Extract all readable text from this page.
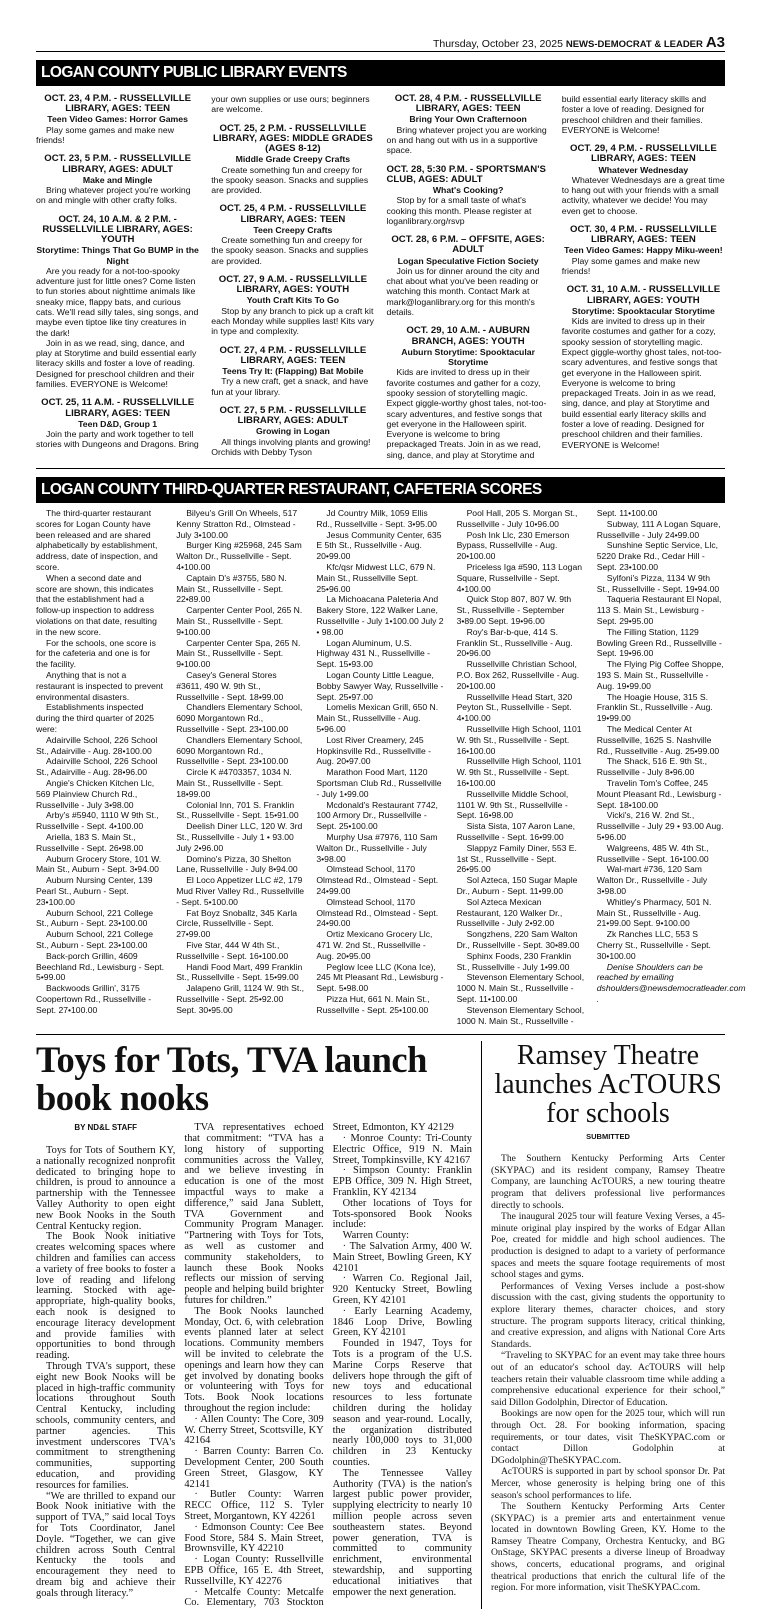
Thursday, October 23, 2025 NEWS-DEMOCRAT & LEADER A3
LOGAN COUNTY PUBLIC LIBRARY EVENTS
OCT. 23, 4 P.M. - RUSSELLVILLE LIBRARY, AGES: TEEN
Teen Video Games: Horror Games

Play some games and make new friends!

OCT. 23, 5 P.M. - RUSSELLVILLE LIBRARY, AGES: ADULT
Make and Mingle

Bring whatever project you're working on and mingle with other crafty folks.

OCT. 24, 10 A.M. & 2 P.M. - RUSSELLVILLE LIBRARY, AGES: YOUTH
Storytime: Things That Go BUMP in the Night

Are you ready for a not-too-spooky adventure just for little ones? Come listen to fun stories about nighttime animals like sneaky mice, flappy bats, and curious cats. We'll read silly tales, sing songs, and maybe even tiptoe like tiny creatures in the dark!

Join in as we read, sing, dance, and play at Storytime and build essential early literacy skills and foster a love of reading. Designed for preschool children and their families. EVERYONE is Welcome!

OCT. 25, 11 A.M. - RUSSELLVILLE LIBRARY, AGES: TEEN
Teen D&D, Group 1

Join the party and work together to tell stories with Dungeons and Dragons. Bring your own supplies or use ours; beginners are welcome.

OCT. 25, 2 P.M. - RUSSELLVILLE LIBRARY, AGES: MIDDLE GRADES (AGES 8-12)
Middle Grade Creepy Crafts

Create something fun and creepy for the spooky season. Snacks and supplies are provided.

OCT. 25, 4 P.M. - RUSSELLVILLE LIBRARY, AGES: TEEN
Teen Creepy Crafts

Create something fun and creepy for the spooky season. Snacks and supplies are provided.

OCT. 27, 9 A.M. - RUSSELLVILLE LIBRARY, AGES: YOUTH
Youth Craft Kits To Go

Stop by any branch to pick up a craft kit each Monday while supplies last! Kits vary in type and complexity.

OCT. 27, 4 P.M. - RUSSELLVILLE LIBRARY, AGES: TEEN
Teens Try It: (Flapping) Bat Mobile

Try a new craft, get a snack, and have fun at your library.

OCT. 27, 5 P.M. - RUSSELLVILLE LIBRARY, AGES: ADULT
Growing in Logan

All things involving plants and growing! Orchids with Debby Tyson

OCT. 28, 4 P.M. - RUSSELLVILLE LIBRARY, AGES: TEEN
Bring Your Own Crafternoon

Bring whatever project you are working on and hang out with us in a supportive space.

OCT. 28, 5:30 P.M. - SPORTSMAN'S CLUB, AGES: ADULT
What's Cooking?

Stop by for a small taste of what's cooking this month. Please register at loganlibrary.org/rsvp

OCT. 28, 6 P.M. – OFFSITE, AGES: ADULT
Logan Speculative Fiction Society

Join us for dinner around the city and chat about what you've been reading or watching this month. Contact Mark at mark@loganlibrary.org for this month's details.

OCT. 29, 10 A.M. - AUBURN BRANCH, AGES: YOUTH
Auburn Storytime: Spooktacular Storytime

Kids are invited to dress up in their favorite costumes and gather for a cozy, spooky session of storytelling magic. Expect giggle-worthy ghost tales, not-too-scary adventures, and festive songs that get everyone in the Halloween spirit. Everyone is welcome to bring prepackaged Treats. Join in as we read, sing, dance, and play at Storytime and build essential early literacy skills and foster a love of reading. Designed for preschool children and their families. EVERYONE is Welcome!

OCT. 29, 4 P.M. - RUSSELLVILLE LIBRARY, AGES: TEEN
Whatever Wednesday

Whatever Wednesdays are a great time to hang out with your friends with a small activity, whatever we decide! You may even get to choose.

OCT. 30, 4 P.M. - RUSSELLVILLE LIBRARY, AGES: TEEN
Teen Video Games: Happy Miku-ween!

Play some games and make new friends!

OCT. 31, 10 A.M. - RUSSELLVILLE LIBRARY, AGES: YOUTH
Storytime: Spooktacular Storytime

Kids are invited to dress up in their favorite costumes and gather for a cozy, spooky session of storytelling magic. Expect giggle-worthy ghost tales, not-too-scary adventures, and festive songs that get everyone in the Halloween spirit. Everyone is welcome to bring prepackaged Treats. Join in as we read, sing, dance, and play at Storytime and build essential early literacy skills and foster a love of reading. Designed for preschool children and their families. EVERYONE is Welcome!

LOGAN COUNTY THIRD-QUARTER RESTAURANT, CAFETERIA SCORES

The third-quarter restaurant scores for Logan County have been released and are shared alphabetically by establishment, address, date of inspection, and score.

When a second date and score are shown, this indicates that the establishment had a follow-up inspection to address violations on that date, resulting in the new score.

For the schools, one score is for the cafeteria and one is for the facility.

Anything that is not a restaurant is inspected to prevent environmental disasters.

Establishments inspected during the third quarter of 2025 were:

Adairville School, 226 School St., Adairville - Aug. 28•100.00

Adairville School, 226 School St., Adairville - Aug. 28•96.00

Angie's Chicken Kitchen Llc, 569 Plainview Church Rd., Russellville - July 3•98.00

Arby's #5940, 1110 W 9th St., Russellville - Sept. 4•100.00

Ariella, 183 S. Main St., Russellville - Sept. 26•98.00

Auburn Grocery Store, 101 W. Main St., Auburn - Sept. 3•94.00

Auburn Nursing Center, 139 Pearl St., Auburn - Sept. 23•100.00

Auburn School, 221 College St., Auburn - Sept. 23•100.00

Auburn School, 221 College St., Auburn - Sept. 23•100.00

Back-porch Grillin, 4609 Beechland Rd., Lewisburg - Sept. 5•99.00

Backwoods Grillin', 3175 Coopertown Rd., Russellville - Sept. 27•100.00

Bilyeu's Grill On Wheels, 517 Kenny Stratton Rd., Olmstead - July 3•100.00

Burger King #25968, 245 Sam Walton Dr., Russellville - Sept. 4•100.00

Captain D's #3755, 580 N. Main St., Russellville - Sept. 22•89.00

Carpenter Center Pool, 265 N. Main St., Russellville - Sept. 9•100.00

Carpenter Center Spa, 265 N. Main St., Russellville - Sept. 9•100.00

Casey's General Stores #3611, 490 W. 9th St., Russellville - Sept. 18•99.00

Chandlers Elementary School, 6090 Morgantown Rd., Russellville - Sept. 23•100.00

Chandlers Elementary School, 6090 Morgantown Rd., Russellville - Sept. 23•100.00

Circle K #4703357, 1034 N. Main St., Russellville - Sept. 18•99.00

Colonial Inn, 701 S. Franklin St., Russellville - Sept. 15•91.00

Deelish Diner LLC, 120 W. 3rd St., Russellville - July 1 • 93.00 July 2•96.00

Domino's Pizza, 30 Shelton Lane, Russellville - July 8•94.00

El Loco Appetizer LLC #2, 179 Mud River Valley Rd., Russellville - Sept. 5•100.00

Fat Boyz Snoballz, 345 Karla Circle, Russellville - Sept. 27•99.00

Five Star, 444 W 4th St., Russellville - Sept. 16•100.00

Handi Food Mart, 499 Franklin St., Russellville - Sept. 15•99.00

Jalapeno Grill, 1124 W. 9th St., Russellville - Sept. 25•92.00 Sept. 30•95.00

Jd Country Milk, 1059 Ellis Rd., Russellville - Sept. 3•95.00

Jesus Community Center, 635 E 5th St., Russellville - Aug. 20•99.00

Kfc/qsr Midwest LLC, 679 N. Main St., Russellville Sept. 25•96.00

La Michoacana Paleteria And Bakery Store, 122 Walker Lane, Russellville - July 1•100.00 July 2 • 98.00

Logan Aluminum, U.S. Highway 431 N., Russellville - Sept. 15•93.00

Logan County Little League, Bobby Sawyer Way, Russellville - Sept. 25•97.00

Lomelis Mexican Grill, 650 N. Main St., Russellville - Aug. 5•96.00

Lost River Creamery, 245 Hopkinsville Rd., Russellville - Aug. 20•97.00

Marathon Food Mart, 1120 Sportsman Club Rd., Russellville - July 1•99.00

Mcdonald's Restaurant 7742, 100 Armory Dr., Russellville - Sept. 25•100.00

Murphy Usa #7976, 110 Sam Walton Dr., Russellville - July 3•98.00

Olmstead School, 1170 Olmstead Rd., Olmstead - Sept. 24•99.00

Olmstead School, 1170 Olmstead Rd., Olmstead - Sept. 24•90.00

Ortiz Mexicano Grocery Llc, 471 W. 2nd St., Russellville - Aug. 20•95.00

Peglow Icee LLC (Kona Ice), 245 Mt Pleasant Rd., Lewisburg - Sept. 5•98.00

Pizza Hut, 661 N. Main St., Russellville - Sept. 25•100.00

Pool Hall, 205 S. Morgan St., Russellville - July 10•96.00

Posh Ink Llc, 230 Emerson Bypass, Russellville - Aug. 20•100.00

Priceless Iga #590, 113 Logan Square, Russellville - Sept. 4•100.00

Quick Stop 807, 807 W. 9th St., Russellville - September 3•89.00 Sept. 19•96.00

Roy's Bar-b-que, 414 S. Franklin St., Russellville - Aug. 20•96.00

Russellville Christian School, P.O. Box 262, Russellville - Aug. 20•100.00

Russellville Head Start, 320 Peyton St., Russellville - Sept. 4•100.00

Russellville High School, 1101 W. 9th St., Russellville - Sept. 16•100.00

Russellville High School, 1101 W. 9th St., Russellville - Sept. 16•100.00

Russellville Middle School, 1101 W. 9th St., Russellville - Sept. 16•98.00

Sista Sista, 107 Aaron Lane, Russellville - Sept. 16•99.00

Slappyz Family Diner, 553 E. 1st St., Russellville - Sept. 26•95.00

Sol Azteca, 150 Sugar Maple Dr., Auburn - Sept. 11•99.00

Sol Azteca Mexican Restaurant, 120 Walker Dr., Russellville - July 2•92.00

Songzhens, 220 Sam Walton Dr., Russellville - Sept. 30•89.00

Sphinx Foods, 230 Franklin St., Russellville - July 1•99.00

Stevenson Elementary School, 1000 N. Main St., Russellville - Sept. 11•100.00

Stevenson Elementary School, 1000 N. Main St., Russellville - Sept. 11•100.00

Subway, 111 A Logan Square, Russellville - July 24•99.00

Sunshine Septic Service, Llc, 5220 Drake Rd., Cedar Hill - Sept. 23•100.00

Sylfoni's Pizza, 1134 W 9th St., Russellville - Sept. 19•94.00

Taqueria Restaurant El Nopal, 113 S. Main St., Lewisburg - Sept. 29•95.00

The Filling Station, 1129 Bowling Green Rd., Russellville - Sept. 19•96.00

The Flying Pig Coffee Shoppe, 193 S. Main St., Russellville - Aug. 19•99.00

The Hoagie House, 315 S. Franklin St., Russellville - Aug. 19•99.00

The Medical Center At Russellville, 1625 S. Nashville Rd., Russellville - Aug. 25•99.00

The Shack, 516 E. 9th St., Russellville - July 8•96.00

Travelin Tom's Coffee, 245 Mount Pleasant Rd., Lewisburg - Sept. 18•100.00

Vicki's, 216 W. 2nd St., Russellville - July 29 • 93.00 Aug. 5•96.00

Walgreens, 485 W. 4th St., Russellville - Sept. 16•100.00

Wal-mart #736, 120 Sam Walton Dr., Russellville - July 3•98.00

Whitley's Pharmacy, 501 N. Main St., Russellville - Aug. 21•99.00 Sept. 9•100.00

Zk Ranches LLC, 553 S Cherry St., Russellville - Sept. 30•100.00

Denise Shoulders can be reached by emailing dshoulders@newsdemocratleader.com .

Toys for Tots, TVA launch book nooks
BY ND&L STAFF

Toys for Tots of Southern KY, a nationally recognized nonprofit dedicated to bringing hope to children, is proud to announce a partnership with the Tennessee Valley Authority to open eight new Book Nooks in the South Central Kentucky region.

The Book Nook initiative creates welcoming spaces where children and families can access a variety of free books to foster a love of reading and lifelong learning. Stocked with age-appropriate, high-quality books, each nook is designed to encourage literacy development and provide families with opportunities to bond through reading.

Through TVA's support, these eight new Book Nooks will be placed in high-traffic community locations throughout South Central Kentucky, including schools, community centers, and partner agencies. This investment underscores TVA's commitment to strengthening communities, supporting education, and providing resources for families.

“We are thrilled to expand our Book Nook initiative with the support of TVA,” said local Toys for Tots Coordinator, Janel Doyle. “Together, we can give children across South Central Kentucky the tools and encouragement they need to dream big and achieve their goals through literacy.”

TVA representatives echoed that commitment: “TVA has a long history of supporting communities across the Valley, and we believe investing in education is one of the most impactful ways to make a difference,” said Jana Sublett, TVA Government and Community Program Manager. “Partnering with Toys for Tots, as well as customer and community stakeholders, to launch these Book Nooks reflects our mission of serving people and helping build brighter futures for children.”

The Book Nooks launched Monday, Oct. 6, with celebration events planned later at select locations. Community members will be invited to celebrate the openings and learn how they can get involved by donating books or volunteering with Toys for Tots. Book Nook locations throughout the region include:

· Allen County: The Core, 309 W. Cherry Street, Scottsville, KY 42164

· Barren County: Barren Co. Development Center, 200 South Green Street, Glasgow, KY 42141

· Butler County: Warren RECC Office, 112 S. Tyler Street, Morgantown, KY 42261

· Edmonson County: Cee Bee Food Store, 584 S. Main Street, Brownsville, KY 42210

· Logan County: Russellville EPB Office, 165 E. 4th Street, Russellville, KY 42276

· Metcalfe County: Metcalfe Co. Elementary, 703 Stockton Street, Edmonton, KY 42129

· Monroe County: Tri-County Electric Office, 919 N. Main Street, Tompkinsville, KY 42167

· Simpson County: Franklin EPB Office, 309 N. High Street, Franklin, KY 42134

Other locations of Toys for Tots-sponsored Book Nooks include:

Warren County:

· The Salvation Army, 400 W. Main Street, Bowling Green, KY 42101

· Warren Co. Regional Jail, 920 Kentucky Street, Bowling Green, KY 42101

· Early Learning Academy, 1846 Loop Drive, Bowling Green, KY 42101

Founded in 1947, Toys for Tots is a program of the U.S. Marine Corps Reserve that delivers hope through the gift of new toys and educational resources to less fortunate children during the holiday season and year-round. Locally, the organization distributed nearly 100,000 toys to 31,000 children in 23 Kentucky counties.

The Tennessee Valley Authority (TVA) is the nation's largest public power provider, supplying electricity to nearly 10 million people across seven southeastern states. Beyond power generation, TVA is committed to community enrichment, environmental stewardship, and supporting educational initiatives that empower the next generation.

Ramsey Theatre launches AcTOURS for schools
SUBMITTED

The Southern Kentucky Performing Arts Center (SKYPAC) and its resident company, Ramsey Theatre Company, are launching AcTOURS, a new touring theatre program that delivers professional live performances directly to schools.

The inaugural 2025 tour will feature Vexing Verses, a 45-minute original play inspired by the works of Edgar Allan Poe, created for middle and high school audiences. The production is designed to adapt to a variety of performance spaces and meets the square footage requirements of most school stages and gyms.

Performances of Vexing Verses include a post-show discussion with the cast, giving students the opportunity to explore literary themes, character choices, and story structure. The program supports literacy, critical thinking, and creative expression, and aligns with National Core Arts Standards.

“Traveling to SKYPAC for an event may take three hours out of an educator's school day. AcTOURS will help teachers retain their valuable classroom time while adding a comprehensive educational experience for their school,” said Dillon Godolphin, Director of Education.

Bookings are now open for the 2025 tour, which will run through Oct. 28. For booking information, spacing requirements, or tour dates, visit TheSKYPAC.com or contact Dillon Godolphin at DGodolphin@TheSKYPAC.com.

AcTOURS is supported in part by school sponsor Dr. Pat Mercer, whose generosity is helping bring one of this season's school performances to life.

The Southern Kentucky Performing Arts Center (SKYPAC) is a premier arts and entertainment venue located in downtown Bowling Green, KY. Home to the Ramsey Theatre Company, Orchestra Kentucky, and BG OnStage, SKYPAC presents a diverse lineup of Broadway shows, concerts, educational programs, and original theatrical productions that enrich the cultural life of the region. For more information, visit TheSKYPAC.com.
